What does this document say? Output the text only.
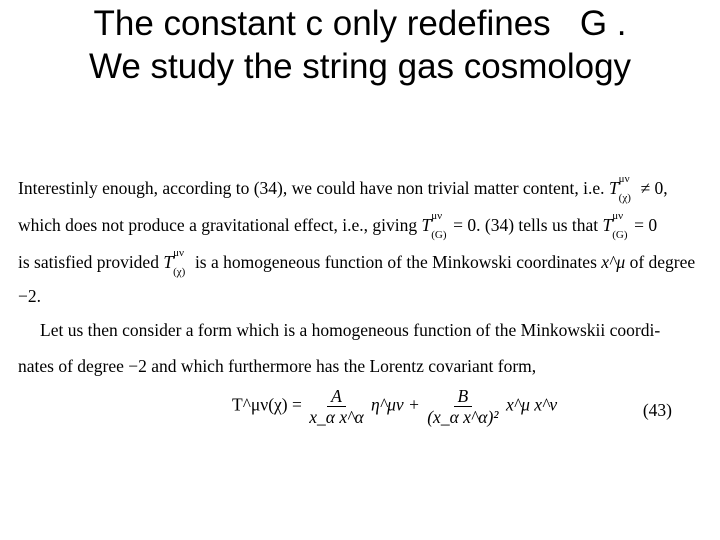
The constant c only redefines   G .
We study the string gas cosmology
Interestinly enough, according to (34), we could have non trivial matter content, i.e. T μν
(χ) ≠ 0,
which does not produce a gravitational effect, i.e., giving T μν
(G) = 0. (34) tells us that T μν
(G) = 0
is satisfied provided T μν
(χ) is a homogeneous function of the Minkowski coordinates x^μ of degree
−2.
Let us then consider a form which is a homogeneous function of the Minkowskii coordi-
nates of degree −2 and which furthermore has the Lorentz covariant form,
T^μν(χ) = $\frac{A}{\text{x\_α x\textasciicircum{}α}}$ η^μν + $\frac{B}{\text{(x\_α x\textasciicircum{}α)²}}$ x^μ x^ν	(43)
